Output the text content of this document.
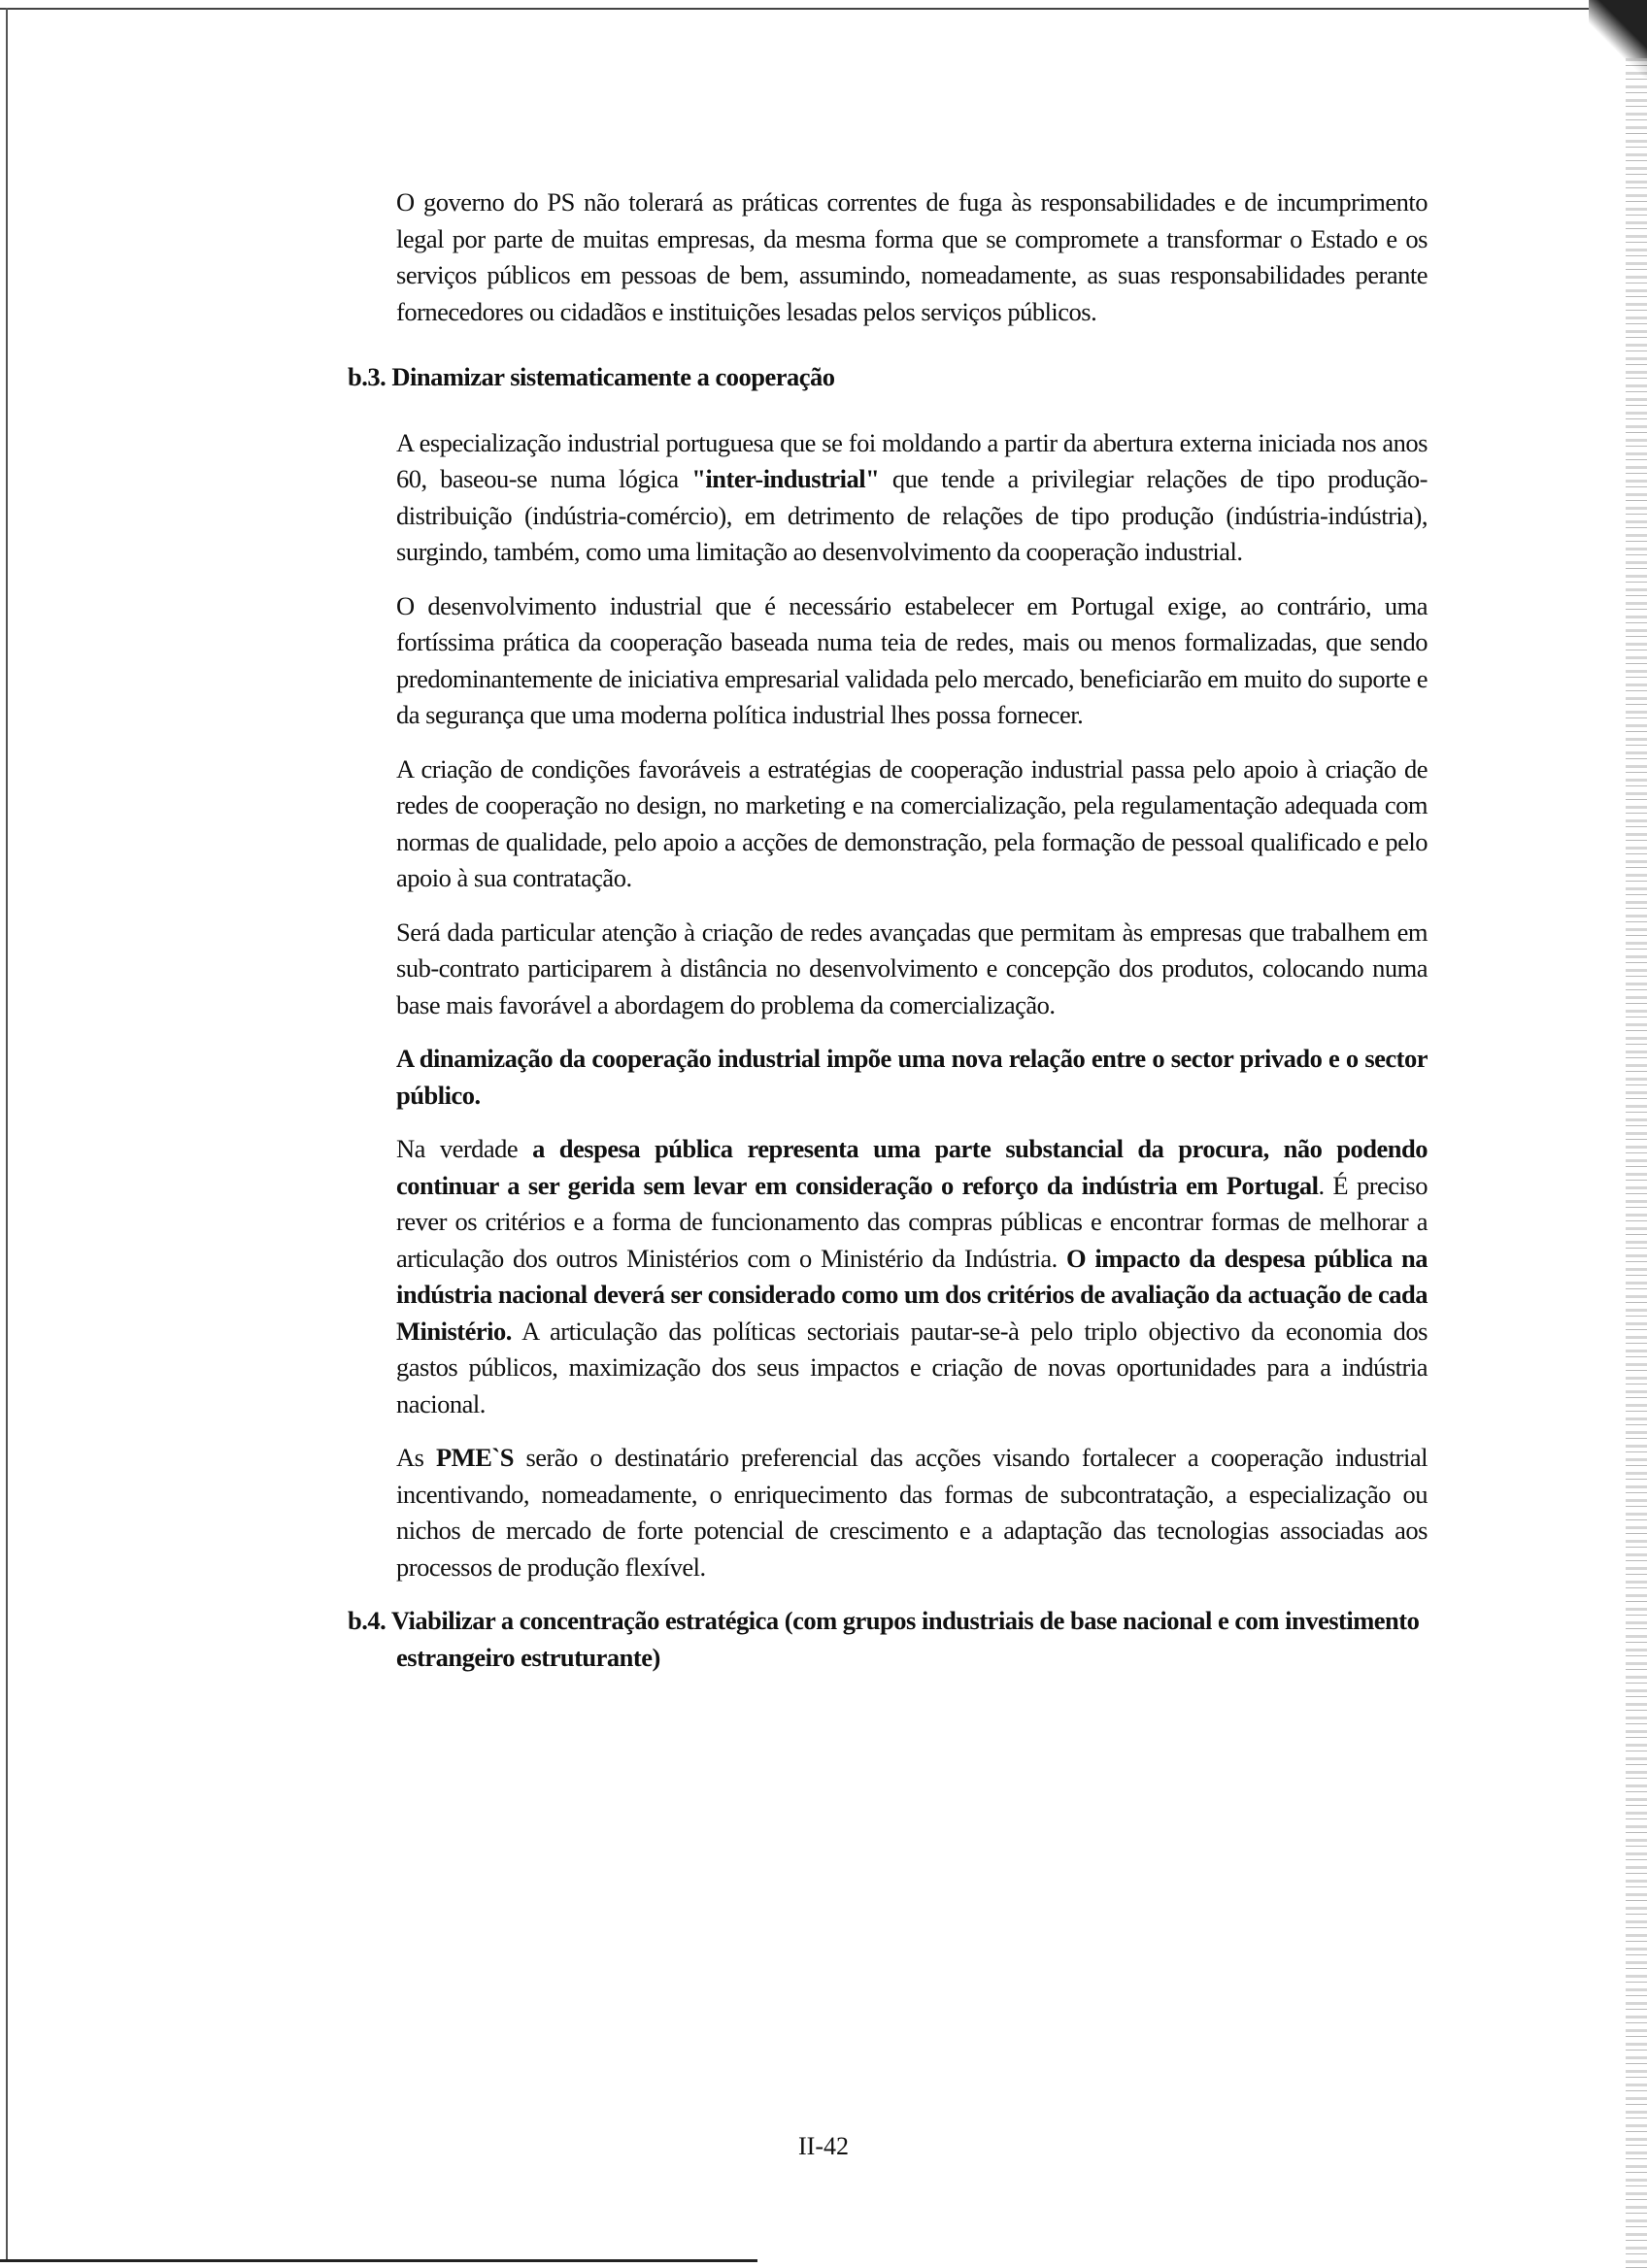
O governo do PS não tolerará as práticas correntes de fuga às responsabilidades e de incumprimento legal por parte de muitas empresas, da mesma forma que se compromete a transformar o Estado e os serviços públicos em pessoas de bem, assumindo, nomeadamente, as suas responsabilidades perante fornecedores ou cidadãos e instituições lesadas pelos serviços públicos.

b.3. Dinamizar sistematicamente a cooperação

A especialização industrial portuguesa que se foi moldando a partir da abertura externa iniciada nos anos 60, baseou-se numa lógica "inter-industrial" que tende a privilegiar relações de tipo produção-distribuição (indústria-comércio), em detrimento de relações de tipo produção (indústria-indústria), surgindo, também, como uma limitação ao desenvolvimento da cooperação industrial.

O desenvolvimento industrial que é necessário estabelecer em Portugal exige, ao contrário, uma fortíssima prática da cooperação baseada numa teia de redes, mais ou menos formalizadas, que sendo predominantemente de iniciativa empresarial validada pelo mercado, beneficiarão em muito do suporte e da segurança que uma moderna política industrial lhes possa fornecer.

A criação de condições favoráveis a estratégias de cooperação industrial passa pelo apoio à criação de redes de cooperação no design, no marketing e na comercialização, pela regulamentação adequada com normas de qualidade, pelo apoio a acções de demonstração, pela formação de pessoal qualificado e pelo apoio à sua contratação.

Será dada particular atenção à criação de redes avançadas que permitam às empresas que trabalhem em sub-contrato participarem à distância no desenvolvimento e concepção dos produtos, colocando numa base mais favorável a abordagem do problema da comercialização.

A dinamização da cooperação industrial impõe uma nova relação entre o sector privado e o sector público.

Na verdade a despesa pública representa uma parte substancial da procura, não podendo continuar a ser gerida sem levar em consideração o reforço da indústria em Portugal. É preciso rever os critérios e a forma de funcionamento das compras públicas e encontrar formas de melhorar a articulação dos outros Ministérios com o Ministério da Indústria. O impacto da despesa pública na indústria nacional deverá ser considerado como um dos critérios de avaliação da actuação de cada Ministério. A articulação das políticas sectoriais pautar-se-à pelo triplo objectivo da economia dos gastos públicos, maximização dos seus impactos e criação de novas oportunidades para a indústria nacional.

As PME`S serão o destinatário preferencial das acções visando fortalecer a cooperação industrial incentivando, nomeadamente, o enriquecimento das formas de subcontratação, a especialização ou nichos de mercado de forte potencial de crescimento e a adaptação das tecnologias associadas aos processos de produção flexível.

b.4. Viabilizar a concentração estratégica (com grupos industriais de base nacional e com investimento estrangeiro estruturante)
II-42
